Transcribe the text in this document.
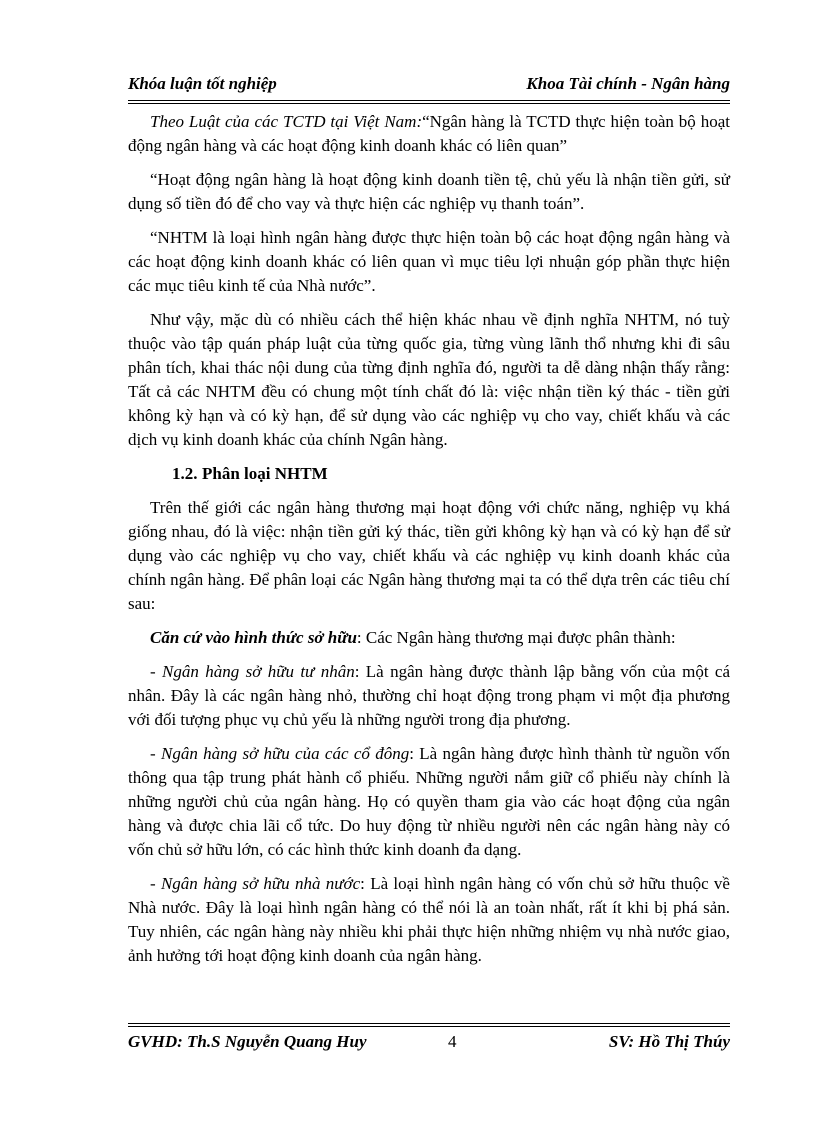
Khóa luận tốt nghiệp	Khoa Tài chính - Ngân hàng

Theo Luật của các TCTD tại Việt Nam:“Ngân hàng là TCTD thực hiện toàn bộ hoạt động ngân hàng và các hoạt động kinh doanh khác có liên quan”

“Hoạt động ngân hàng là hoạt động kinh doanh tiền tệ, chủ yếu là nhận tiền gửi, sử dụng số tiền đó để cho vay và thực hiện các nghiệp vụ thanh toán”.

“NHTM là loại hình ngân hàng được thực hiện toàn bộ các hoạt động ngân hàng và các hoạt động kinh doanh khác có liên quan vì mục tiêu lợi nhuận góp phần thực hiện các mục tiêu kinh tế của Nhà nước”.

Như vậy, mặc dù có nhiều cách thể hiện khác nhau về định nghĩa NHTM, nó tuỳ thuộc vào tập quán pháp luật của từng quốc gia, từng vùng lãnh thổ nhưng khi đi sâu phân tích, khai thác nội dung của từng định nghĩa đó, người ta dễ dàng nhận thấy rằng: Tất cả các NHTM đều có chung một tính chất đó là: việc nhận tiền ký thác - tiền gửi không kỳ hạn và có kỳ hạn, để sử dụng vào các nghiệp vụ cho vay, chiết khấu và các dịch vụ kinh doanh khác của chính Ngân hàng.

1.2. Phân loại NHTM

Trên thế giới các ngân hàng thương mại hoạt động với chức năng, nghiệp vụ khá giống nhau, đó là việc: nhận tiền gửi ký thác, tiền gửi không kỳ hạn và có kỳ hạn để sử dụng vào các nghiệp vụ cho vay, chiết khấu và các nghiệp vụ kinh doanh khác của chính ngân hàng. Để phân loại các Ngân hàng thương mại ta có thể dựa trên các tiêu chí sau:

Căn cứ vào hình thức sở hữu: Các Ngân hàng thương mại được phân thành:

- Ngân hàng sở hữu tư nhân: Là ngân hàng được thành lập bằng vốn của một cá nhân. Đây là các ngân hàng nhỏ, thường chỉ hoạt động trong phạm vi một địa phương với đối tượng phục vụ chủ yếu là những người trong địa phương.

- Ngân hàng sở hữu của các cổ đông: Là ngân hàng được hình thành từ nguồn vốn thông qua tập trung phát hành cổ phiếu. Những người nắm giữ cổ phiếu này chính là những người chủ của ngân hàng. Họ có quyền tham gia vào các hoạt động của ngân hàng và được chia lãi cổ tức. Do huy động từ nhiều người nên các ngân hàng này có vốn chủ sở hữu lớn, có các hình thức kinh doanh đa dạng.

- Ngân hàng sở hữu nhà nước: Là loại hình ngân hàng có vốn chủ sở hữu thuộc về Nhà nước. Đây là loại hình ngân hàng có thể nói là an toàn nhất, rất ít khi bị phá sản. Tuy nhiên, các ngân hàng này nhiều khi phải thực hiện những nhiệm vụ nhà nước giao, ảnh hưởng tới hoạt động kinh doanh của ngân hàng.

GVHD: Th.S Nguyễn Quang Huy	4	SV: Hồ Thị Thúy
